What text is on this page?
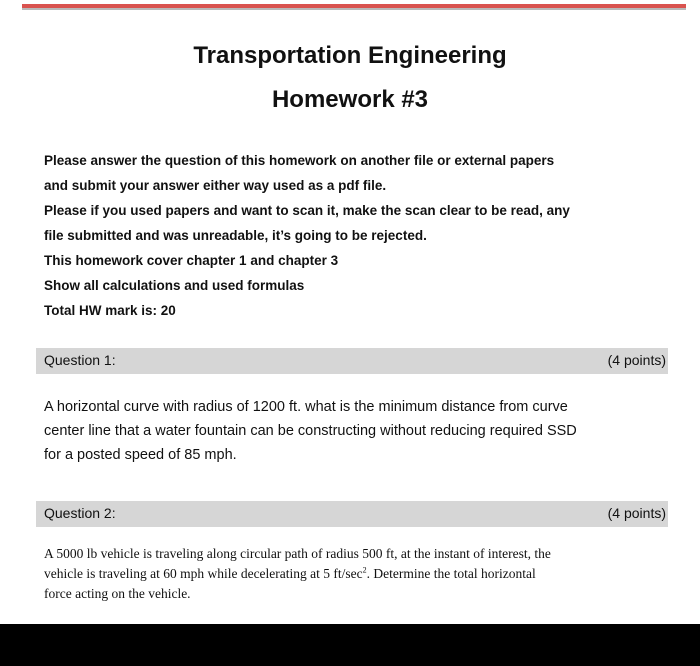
Transportation Engineering
Homework #3
Please answer the question of this homework on another file or external papers
and submit your answer either way used as a pdf file.
Please if you used papers and want to scan it, make the scan clear to be read, any
file submitted and was unreadable, it’s going to be rejected.
This homework cover chapter 1 and chapter 3
Show all calculations and used formulas
Total HW mark is: 20
Question 1:	(4 points)
A horizontal curve with radius of 1200 ft. what is the minimum distance from curve
center line that a water fountain can be constructing without reducing required SSD
for a posted speed of 85 mph.
Question 2:	(4 points)
A 5000 lb vehicle is traveling along circular path of radius 500 ft, at the instant of interest, the
vehicle is traveling at 60 mph while decelerating at 5 $ft/\sec^2$. Determine the total horizontal
force acting on the vehicle.
